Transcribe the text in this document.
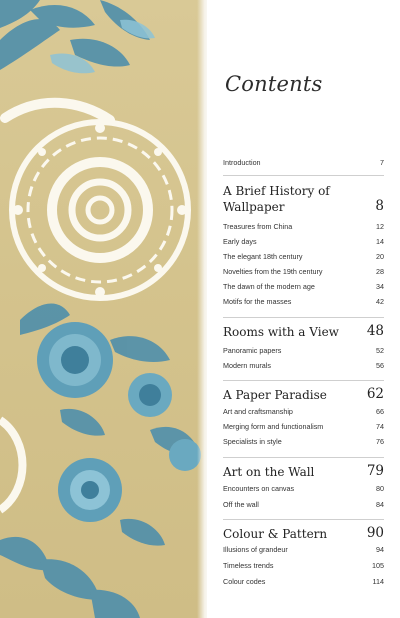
Contents
Introduction	7
A Brief History of Wallpaper	8
Treasures from China	12
Early days	14
The elegant 18th century	20
Novelties from the 19th century	28
The dawn of the modern age	34
Motifs for the masses	42
Rooms with a View	48
Panoramic papers	52
Modern murals	56
A Paper Paradise	62
Art and craftsmanship	66
Merging form and functionalism	74
Specialists in style	76
Art on the Wall	79
Encounters on canvas	80
Off the wall	84
Colour & Pattern	90
Illusions of grandeur	94
Timeless trends	105
Colour codes	114
